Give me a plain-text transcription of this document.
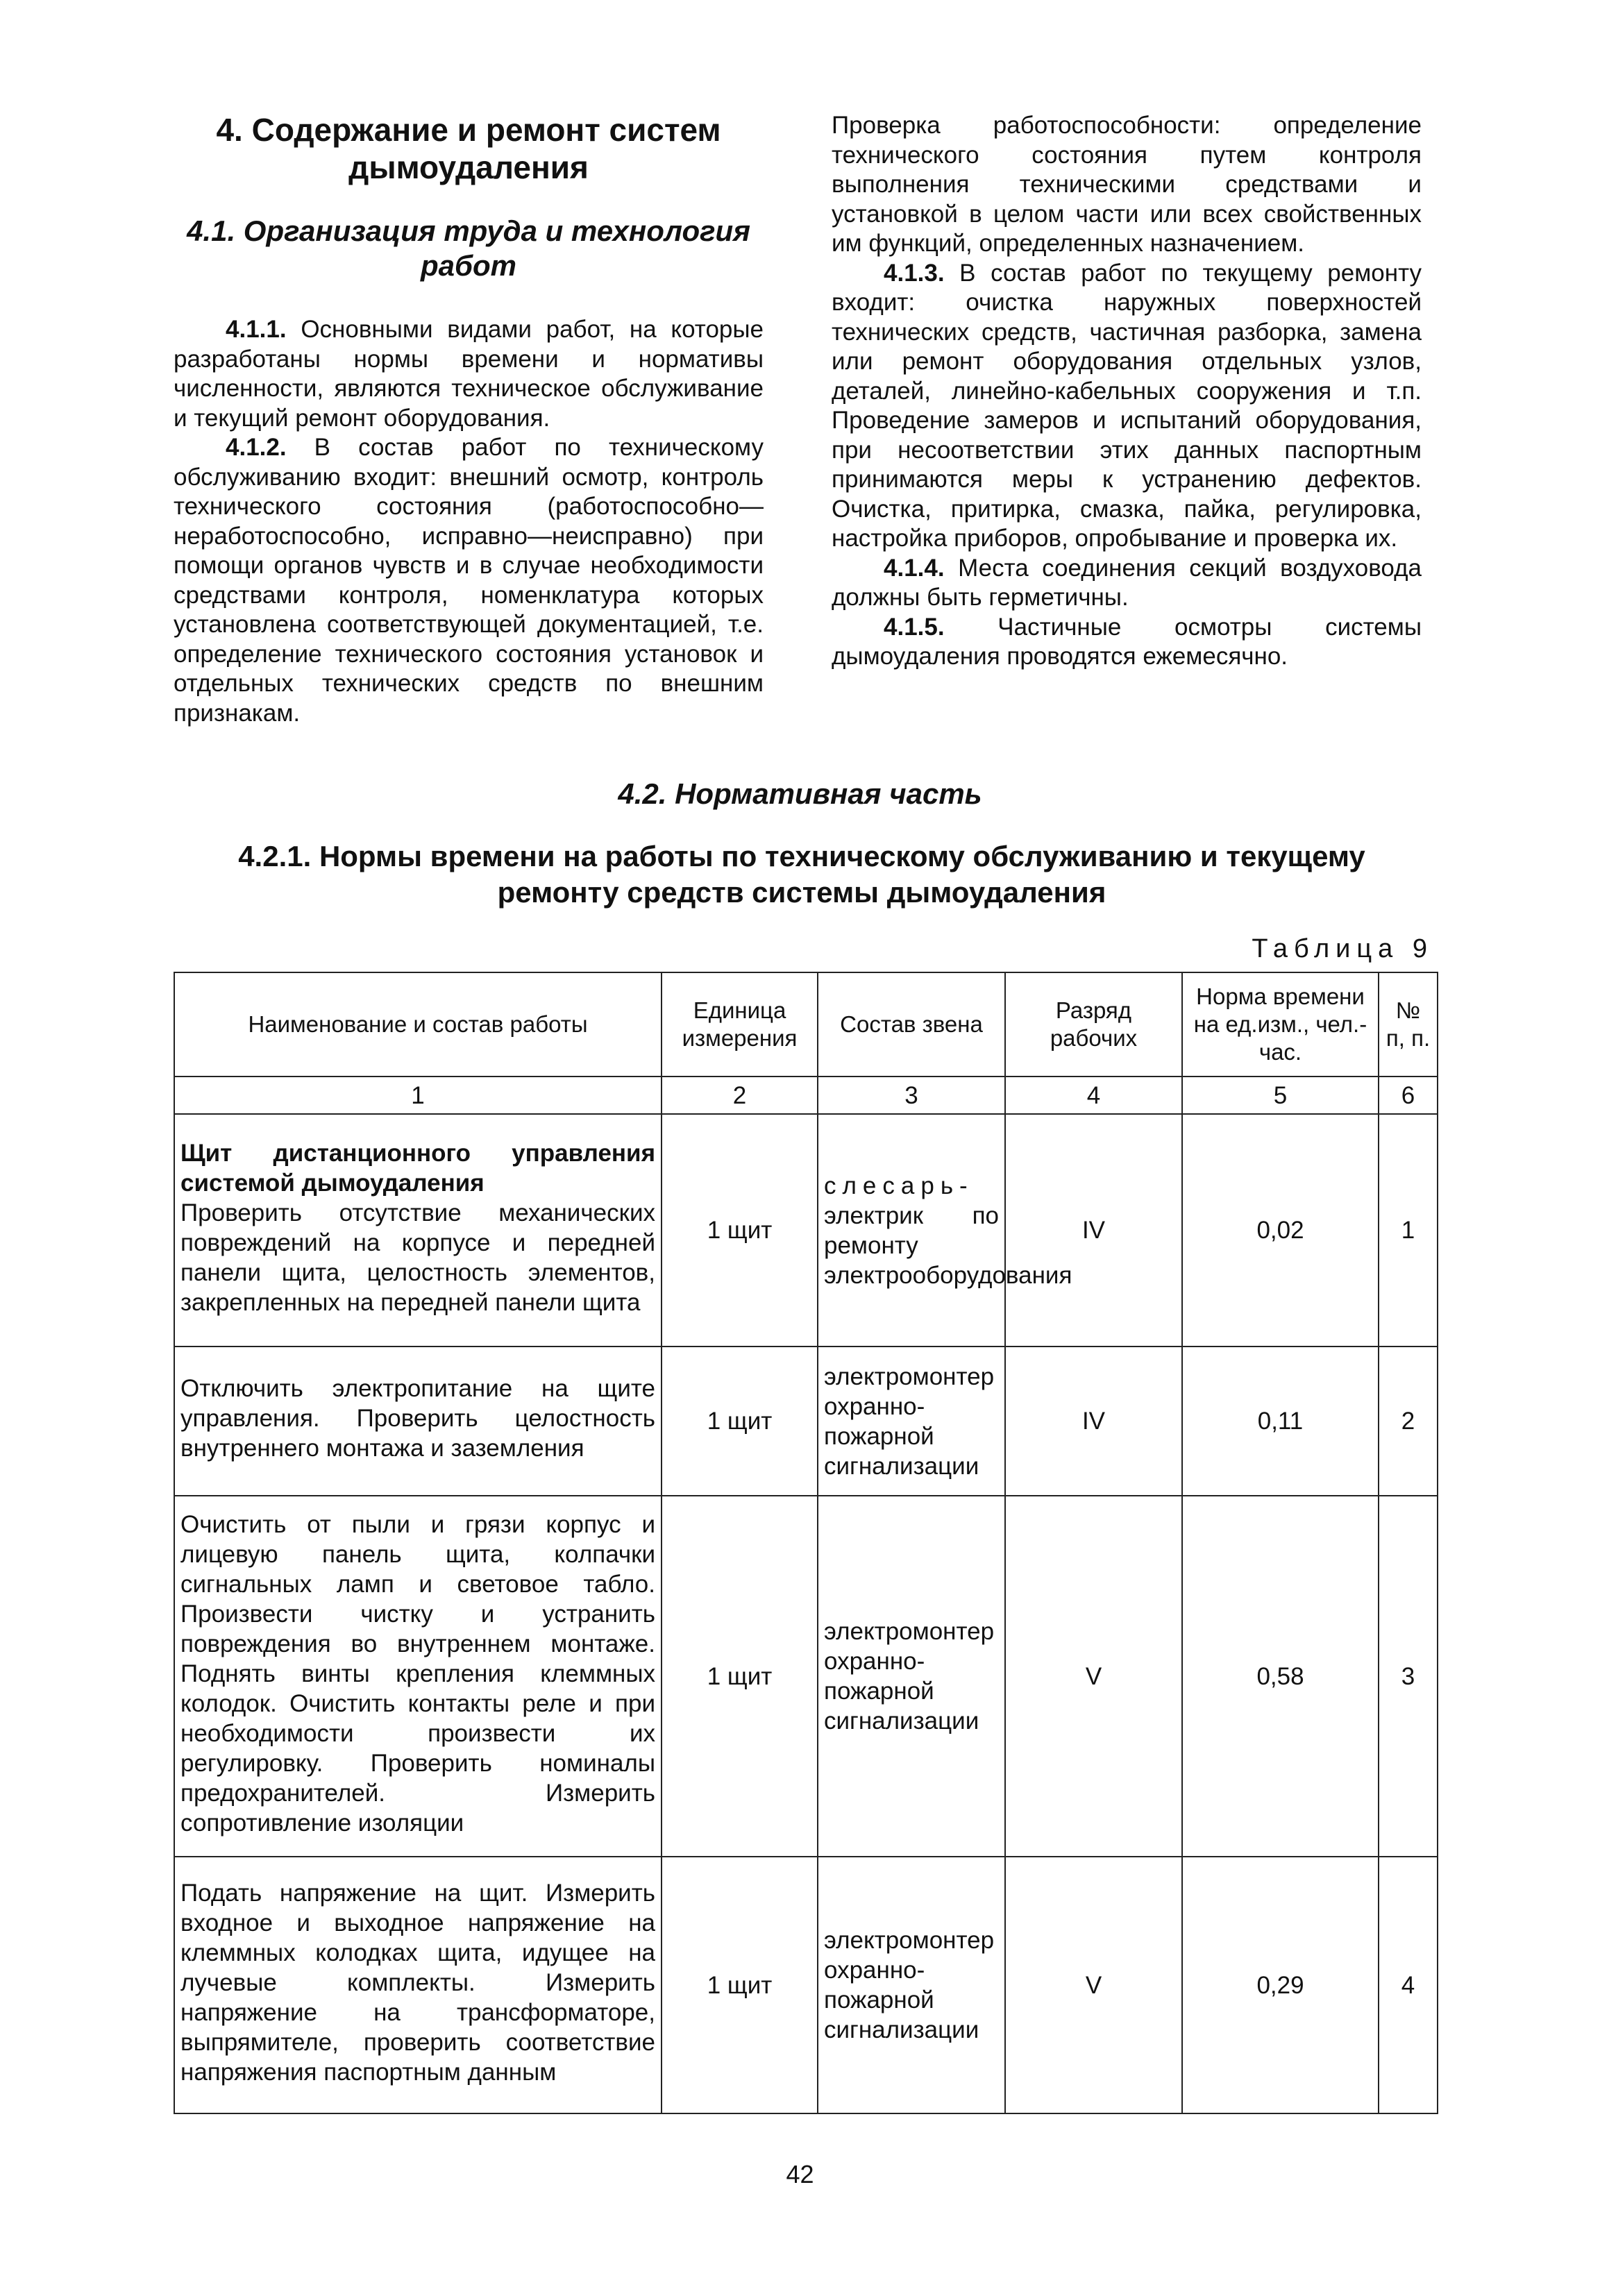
4. Содержание и ремонт систем дымоудаления
4.1. Организация труда и технология работ

4.1.1. Основными видами работ, на которые разработаны нормы времени и нормативы численности, являются техническое обслуживание и текущий ремонт оборудования.

4.1.2. В состав работ по техническому обслуживанию входит: внешний осмотр, контроль технического состояния (работоспособно—неработоспособно, исправно—неисправно) при помощи органов чувств и в случае необходимости средствами контроля, номенклатура которых установлена соответствующей документацией, т.е. определение технического состояния установок и отдельных технических средств по внешним признакам.

Проверка работоспособности: определение технического состояния путем контроля выполнения техническими средствами и установкой в целом части или всех свойственных им функций, определенных назначением.

4.1.3. В состав работ по текущему ремонту входит: очистка наружных поверхностей технических средств, частичная разборка, замена или ремонт оборудования отдельных узлов, деталей, линейно-кабельных сооружения и т.п. Проведение замеров и испытаний оборудования, при несоответствии этих данных паспортным принимаются меры к устранению дефектов. Очистка, притирка, смазка, пайка, регулировка, настройка приборов, опробывание и проверка их.

4.1.4. Места соединения секций воздуховода должны быть герметичны.

4.1.5. Частичные осмотры системы дымоудаления проводятся ежемесячно.

4.2. Нормативная часть
4.2.1. Нормы времени на работы по техническому обслуживанию и текущему ремонту средств системы дымоудаления
Таблица 9
Наименование и состав работы	Единица измерения	Состав звена	Разряд рабочих	Норма времени на ед.изм., чел.-час.	№ п, п.
1	2	3	4	5	6

Щит дистанционного управления системой дымоудаления
Проверить отсутствие механических повреждений на корпусе и передней панели щита, целостность элементов, закрепленных на передней панели щита	1 щит	слесарь- электрик по ремонту электрооборудования	IV	0,02	1
Отключить электропитание на щите управления. Проверить целостность внутреннего монтажа и заземления	1 щит	электромонтер охранно-пожарной сигнализации	IV	0,11	2
Очистить от пыли и грязи корпус и лицевую панель щита, колпачки сигнальных ламп и световое табло. Произвести чистку и устранить повреждения во внутреннем монтаже. Поднять винты крепления клеммных колодок. Очистить контакты реле и при необходимости произвести их регулировку. Проверить номиналы предохранителей. Измерить сопротивление изоляции	1 щит	электромонтер охранно-пожарной сигнализации	V	0,58	3
Подать напряжение на щит. Измерить входное и выходное напряжение на клеммных колодках щита, идущее на лучевые комплекты. Измерить напряжение на трансформаторе, выпрямителе, проверить соответствие напряжения паспортным данным	1 щит	электромонтер охранно-пожарной сигнализации	V	0,29	4
42
